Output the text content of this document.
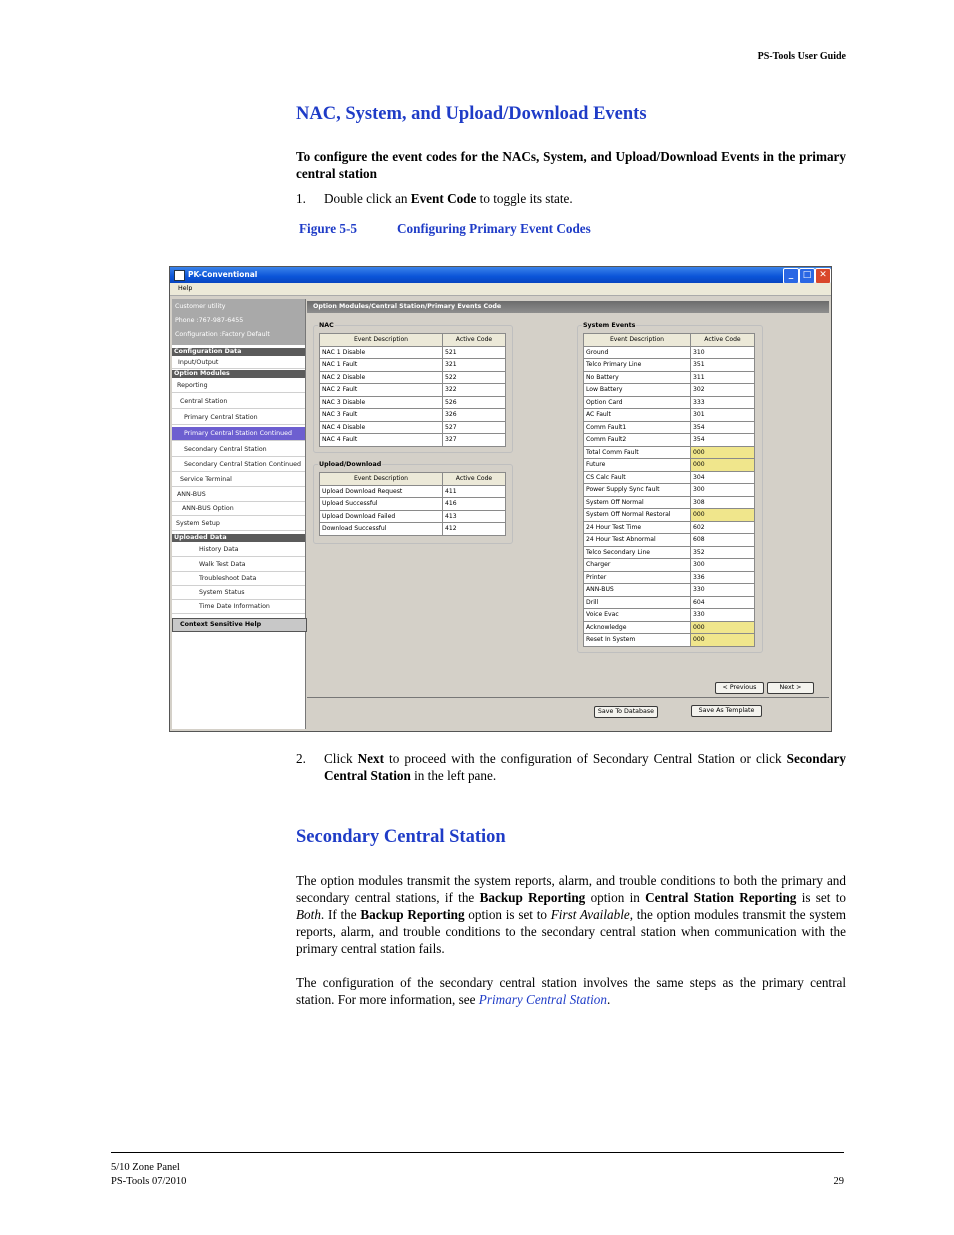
PS-Tools User Guide
NAC, System, and Upload/Download Events
To configure the event codes for the NACs, System, and Upload/Download Events in the primary central station
1. Double click an Event Code to toggle its state.
Figure 5-5	Configuring Primary Event Codes
PK-Conventional	_	□ ✕
Help
Customer utility
Phone :767-987-6455
Configuration :Factory Default
Configuration Data
Input/Output
Option Modules
Reporting
Central Station
Primary Central Station
Primary Central Station Continued
Secondary Central Station
Secondary Central Station Continued
Service Terminal
ANN-BUS
ANN-BUS Option
System Setup
Uploaded Data
History Data
Walk Test Data
Troubleshoot Data
System Status
Time Date Information
Context Sensitive Help
Option Modules/Central Station/Primary Events Code
NAC
Event Description	Active Code
NAC 1 Disable	521
NAC 1 Fault	321
NAC 2 Disable	522
NAC 2 Fault	322
NAC 3 Disable	526
NAC 3 Fault	326
NAC 4 Disable	527
NAC 4 Fault	327
Upload/Download
Event Description	Active Code
Upload Download Request	411
Upload Successful	416
Upload Download Failed	413
Download Successful	412
System Events
Event Description	Active Code
Ground	310
Telco Primary Line	351
No Battery	311
Low Battery	302
Option Card	333
AC Fault	301
Comm Fault1	354
Comm Fault2	354
Total Comm Fault	000
Future	000
CS Calc Fault	304
Power Supply Sync fault	300
System Off Normal	308
System Off Normal Restoral	000
24 Hour Test Time	602
24 Hour Test Abnormal	608
Telco Secondary Line	352
Charger	300
Printer	336
ANN-BUS	330
Drill	604
Voice Evac	330
Acknowledge	000
Reset In System	000
< Previous	Next >
Save To Database	Save As Template
2. Click Next to proceed with the configuration of Secondary Central Station or click Secondary Central Station in the left pane.
Secondary Central Station
The option modules transmit the system reports, alarm, and trouble conditions to both the primary and secondary central stations, if the Backup Reporting option in Central Station Reporting is set to Both. If the Backup Reporting option is set to First Available, the option modules transmit the system reports, alarm, and trouble conditions to the secondary central station when communication with the primary central station fails.
The configuration of the secondary central station involves the same steps as the primary central station. For more information, see Primary Central Station.
5/10 Zone Panel
PS-Tools 07/2010	29
